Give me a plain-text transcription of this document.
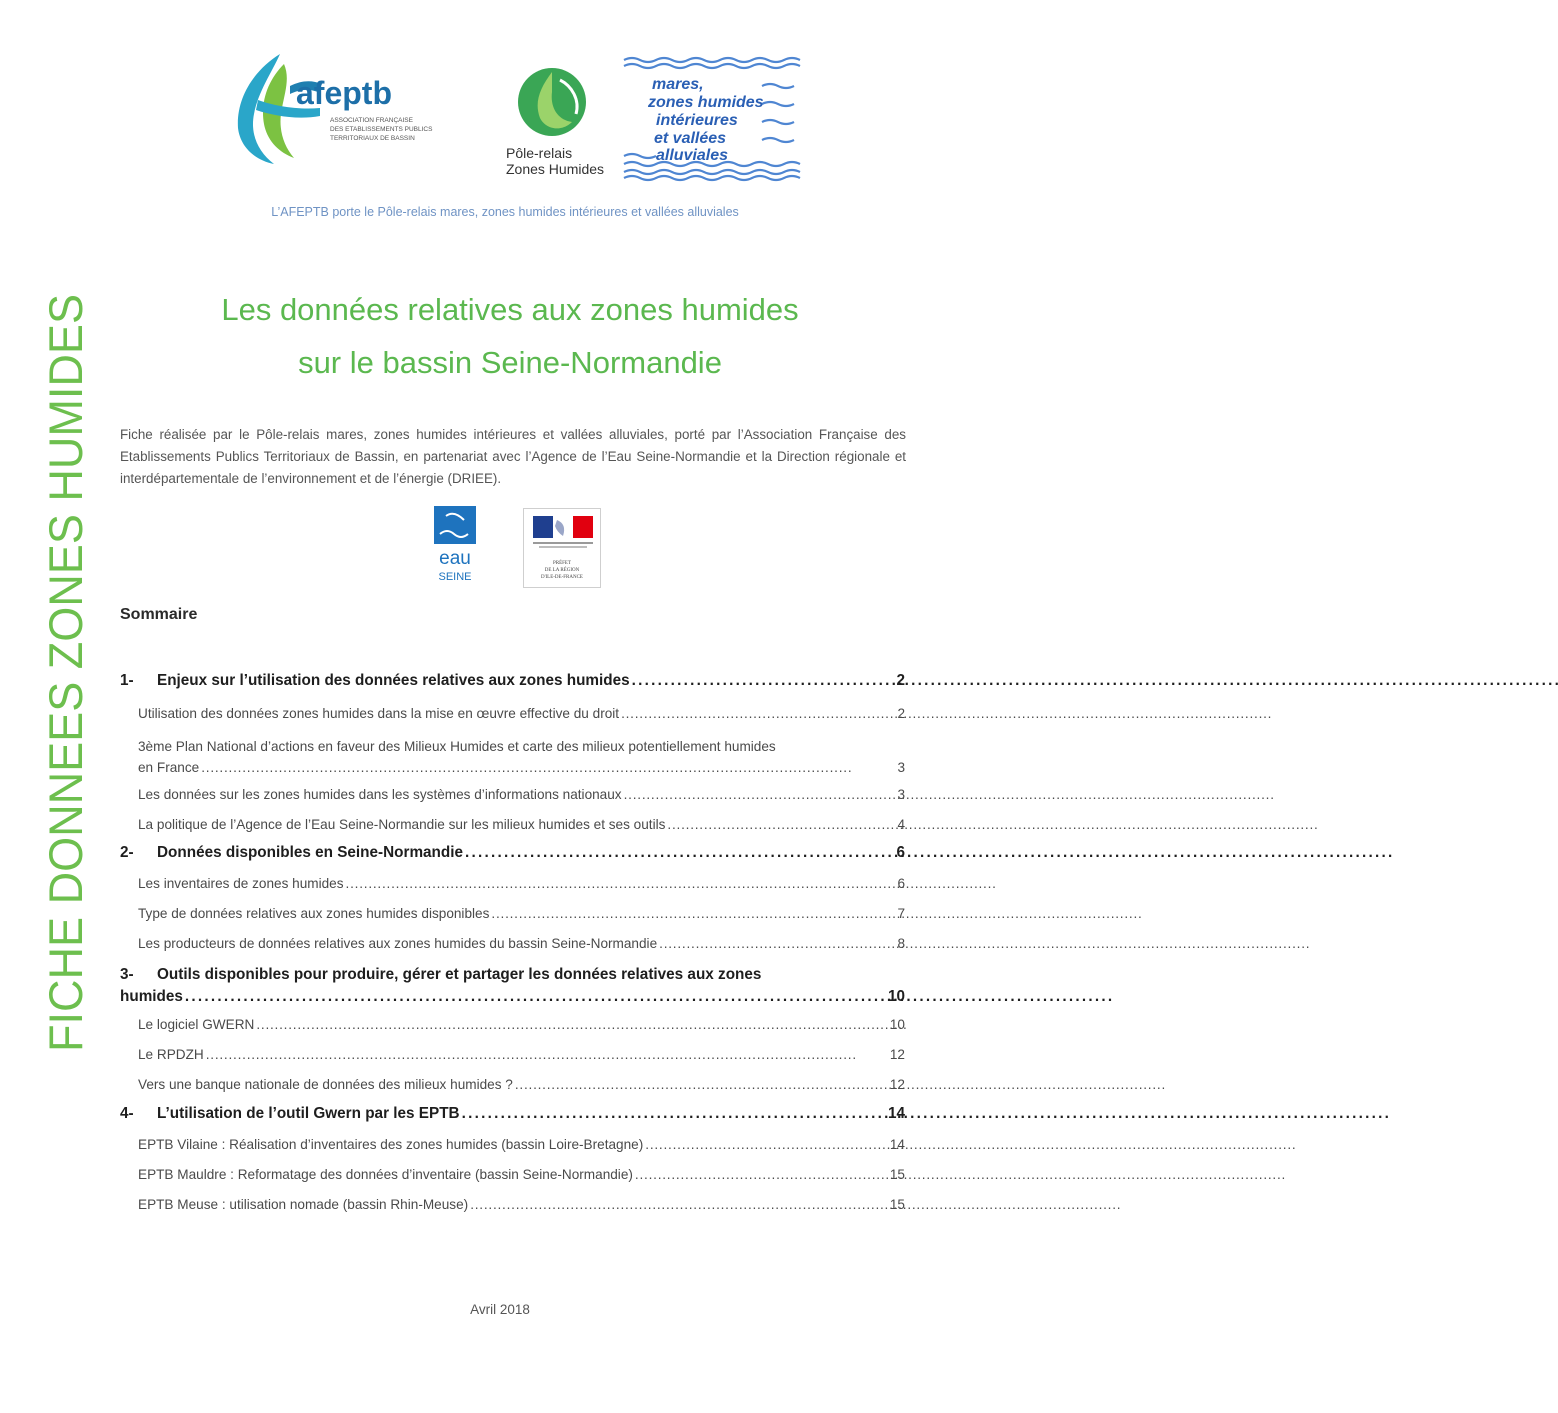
FICHE DONNEES ZONES HUMIDES
afeptb
ASSOCIATION FRANÇAISE
DES ETABLISSEMENTS PUBLICS
TERRITORIAUX DE BASSIN
Pôle-relais
Zones Humides
mares,
zones humides
intérieures
et vallées
alluviales
L’AFEPTB porte le Pôle-relais mares, zones humides intérieures et vallées alluviales
Les données relatives aux zones humides
sur le bassin Seine-Normandie

Fiche réalisée par le Pôle-relais mares, zones humides intérieures et vallées alluviales, porté par l’Association Française des Etablissements Publics Territoriaux de Bassin, en partenariat avec l’Agence de l’Eau Seine-Normandie et la Direction régionale et interdépartementale de l’environnement et de l’énergie (DRIEE).

eau
SEINE
PRÉFET
DE LA RÉGION
D'ILE-DE-FRANCE
Sommaire
1- Enjeux sur l’utilisation des données relatives aux zones humides . . .	2
Utilisation des données zones humides dans la mise en œuvre effective du droit . . .	2
3ème Plan National d’actions en faveur des Milieux Humides et carte des milieux potentiellement humides
en France . . .	3
Les données sur les zones humides dans les systèmes d’informations nationaux . . .	3
La politique de l’Agence de l’Eau Seine-Normandie sur les milieux humides et ses outils . . .	4
2- Données disponibles en Seine-Normandie . . .	6
Les inventaires de zones humides . . .	6
Type de données relatives aux zones humides disponibles . . .	7
Les producteurs de données relatives aux zones humides du bassin Seine-Normandie . . .	8
3- Outils disponibles pour produire, gérer et partager les données relatives aux zones
humides . . .	10
Le logiciel GWERN . . .	10
Le RPDZH . . .	12
Vers une banque nationale de données des milieux humides ? . . .	12
4- L’utilisation de l’outil Gwern par les EPTB . . .	14
EPTB Vilaine : Réalisation d’inventaires des zones humides (bassin Loire-Bretagne) . . .	14
EPTB Mauldre : Reformatage des données d’inventaire (bassin Seine-Normandie) . . .	15
EPTB Meuse : utilisation nomade (bassin Rhin-Meuse) . . .	15
Avril 2018
